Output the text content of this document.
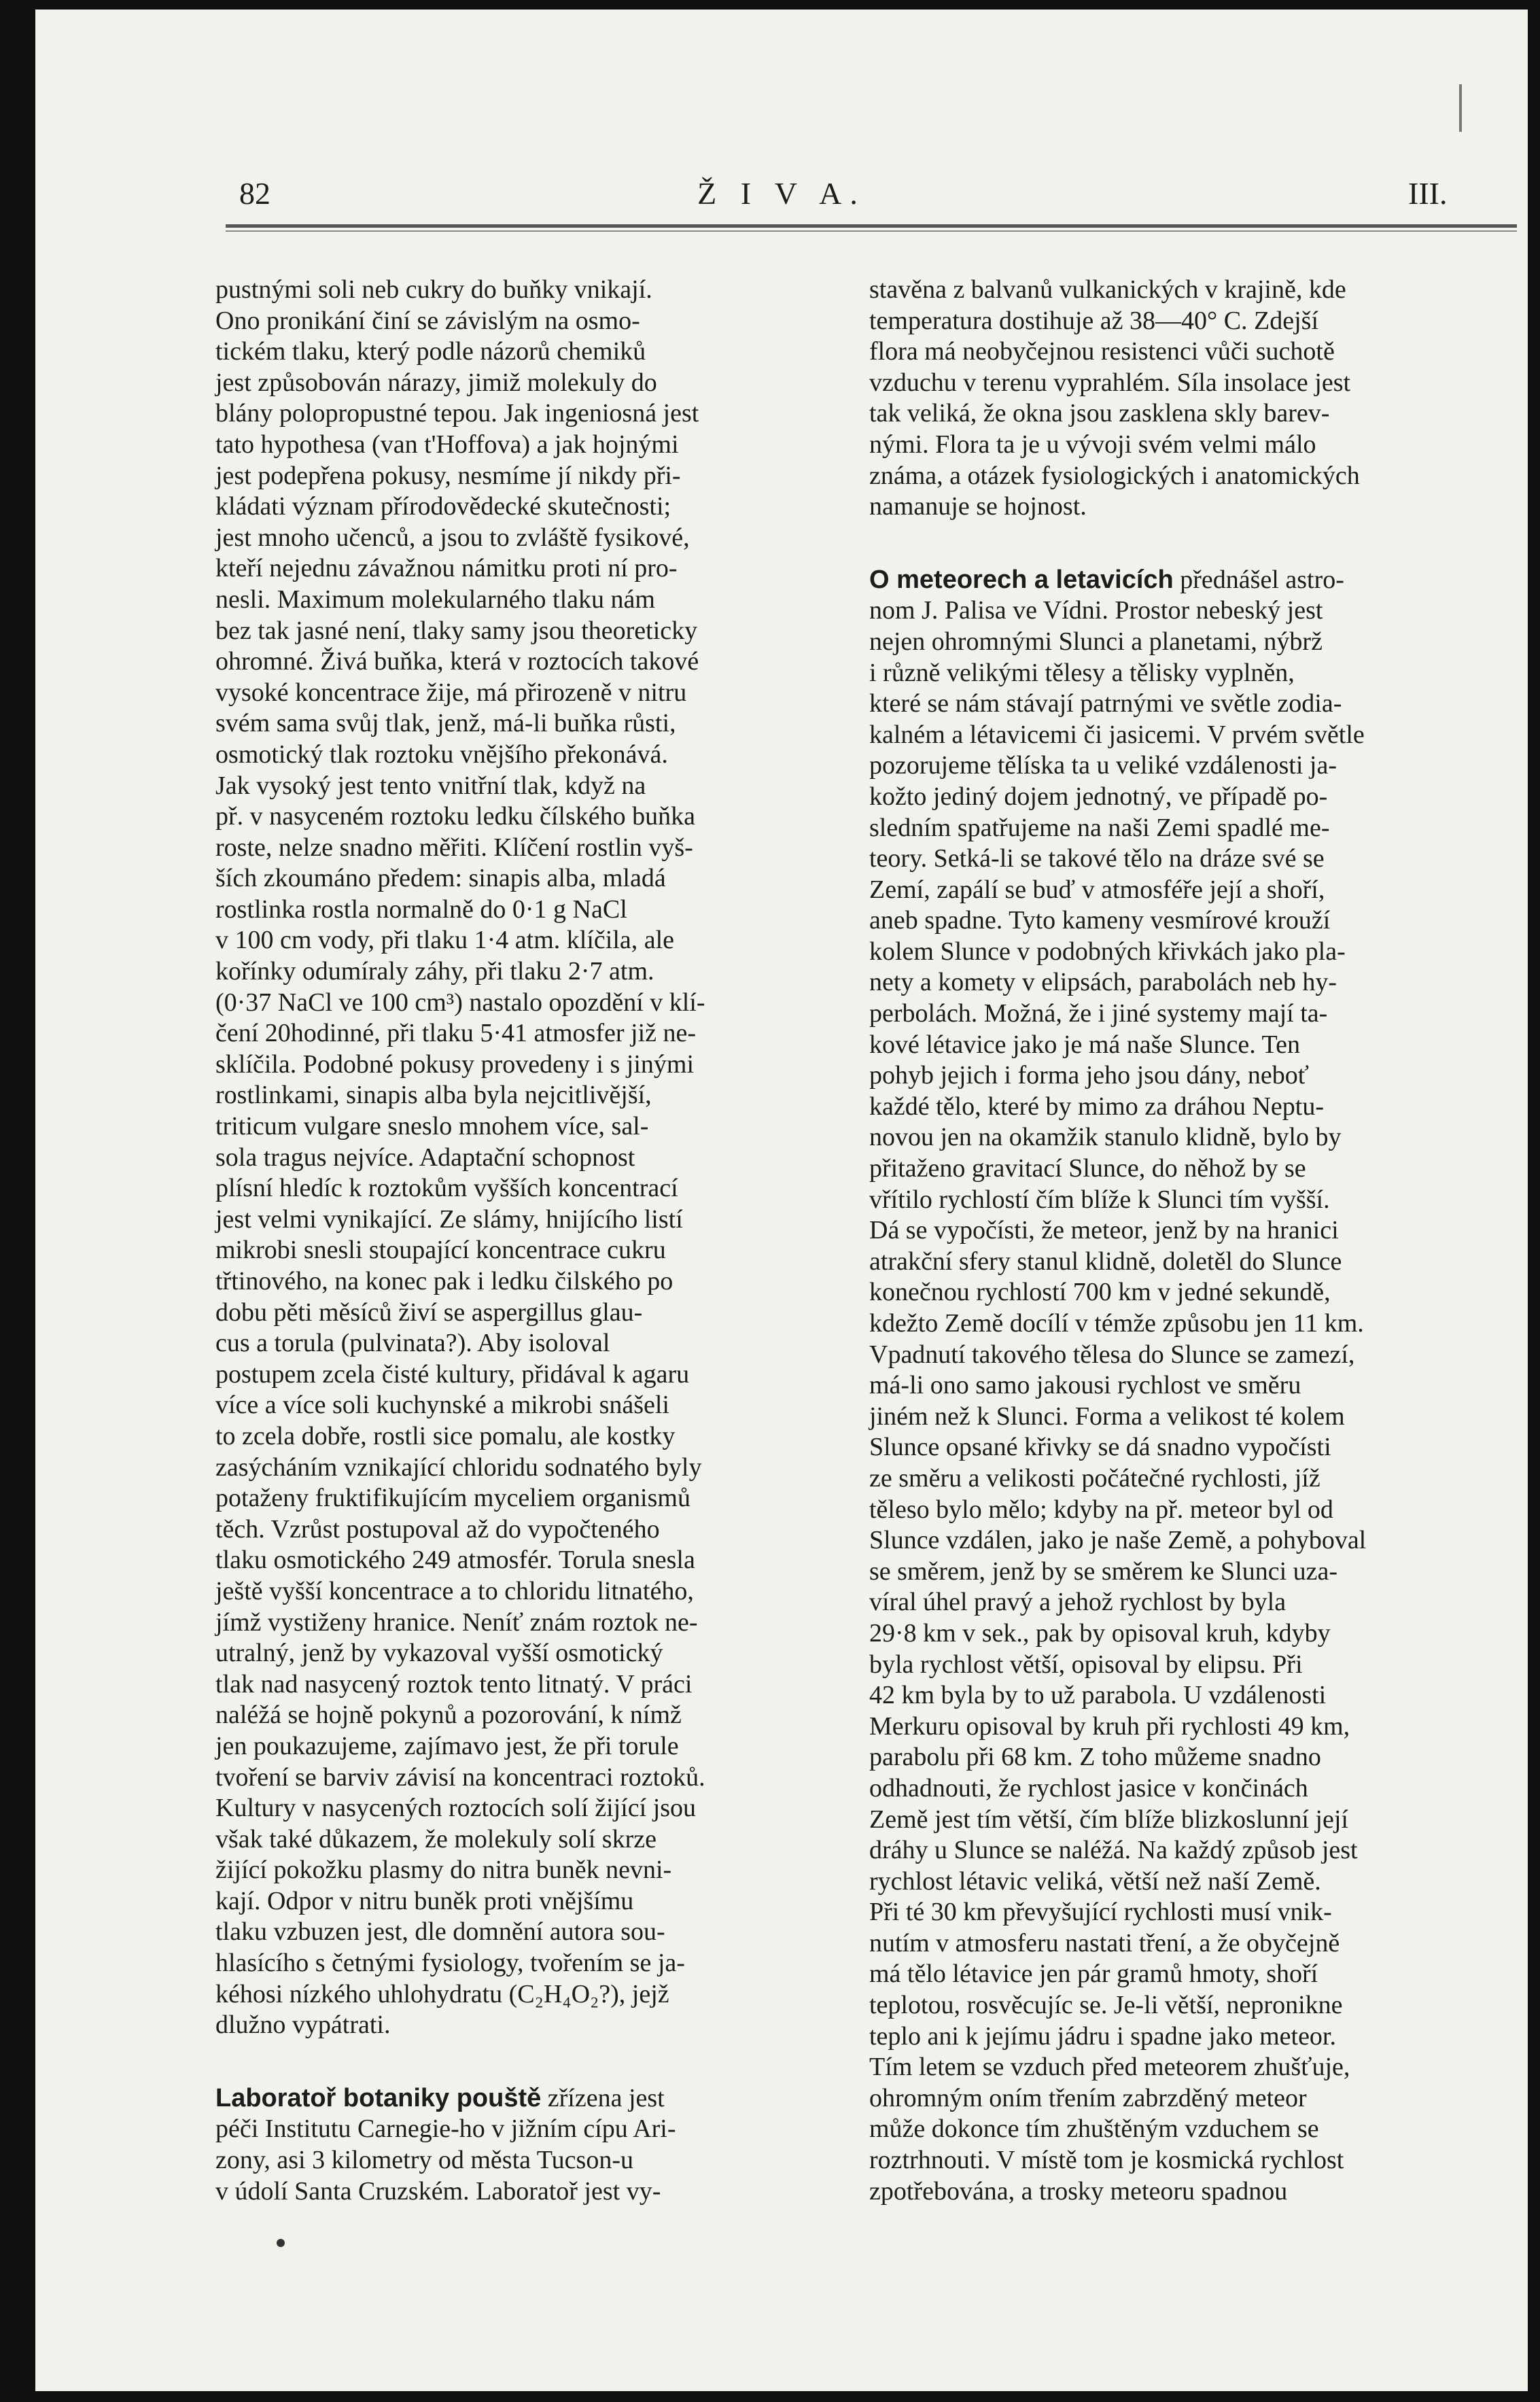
82	Ž I V A.	III.
pustnými soli neb cukry do buňky vnikají.
Ono pronikání činí se závislým na osmo-
tickém tlaku, který podle názorů chemiků
jest způsobován nárazy, jimiž molekuly do
blány polopropustné tepou. Jak ingeniosná jest
tato hypothesa (van t'Hoffova) a jak hojnými
jest podepřena pokusy, nesmíme jí nikdy při-
kládati význam přírodovědecké skutečnosti;
jest mnoho učenců, a jsou to zvláště fysikové,
kteří nejednu závažnou námitku proti ní pro-
nesli. Maximum molekularného tlaku nám
bez tak jasné není, tlaky samy jsou theoreticky
ohromné. Živá buňka, která v roztocích takové
vysoké koncentrace žije, má přirozeně v nitru
svém sama svůj tlak, jenž, má-li buňka růsti,
osmotický tlak roztoku vnějšího překonává.
Jak vysoký jest tento vnitřní tlak, když na
př. v nasyceném roztoku ledku čílského buňka
roste, nelze snadno měřiti. Klíčení rostlin vyš-
ších zkoumáno předem: sinapis alba, mladá
rostlinka rostla normalně do 0·1 g NaCl
v 100 cm vody, při tlaku 1·4 atm. klíčila, ale
kořínky odumíraly záhy, při tlaku 2·7 atm.
(0·37 NaCl ve 100 cm³) nastalo opozdění v klí-
čení 20hodinné, při tlaku 5·41 atmosfer již ne-
sklíčila. Podobné pokusy provedeny i s jinými
rostlinkami, sinapis alba byla nejcitlivější,
triticum vulgare sneslo mnohem více, sal-
sola tragus nejvíce. Adaptační schopnost
plísní hledíc k roztokům vyšších koncentrací
jest velmi vynikající. Ze slámy, hnijícího listí
mikrobi snesli stoupající koncentrace cukru
třtinového, na konec pak i ledku čilského po
dobu pěti měsíců živí se aspergillus glau-
cus a torula (pulvinata?). Aby isoloval
postupem zcela čisté kultury, přidával k agaru
více a více soli kuchynské a mikrobi snášeli
to zcela dobře, rostli sice pomalu, ale kostky
zasýcháním vznikající chloridu sodnatého byly
potaženy fruktifikujícím myceliem organismů
těch. Vzrůst postupoval až do vypočteného
tlaku osmotického 249 atmosfér. Torula snesla
ještě vyšší koncentrace a to chloridu litnatého,
jímž vystiženy hranice. Neníť znám roztok ne-
utralný, jenž by vykazoval vyšší osmotický
tlak nad nasycený roztok tento litnatý. V práci
naléžá se hojně pokynů a pozorování, k nímž
jen poukazujeme, zajímavo jest, že při torule
tvoření se barviv závisí na koncentraci roztoků.
Kultury v nasycených roztocích solí žijící jsou
však také důkazem, že molekuly solí skrze
žijící pokožku plasmy do nitra buněk nevni-
kají. Odpor v nitru buněk proti vnějšímu
tlaku vzbuzen jest, dle domnění autora sou-
hlasícího s četnými fysiology, tvořením se ja-
kéhosi nízkého uhlohydratu (C₂H₄O₂?), jejž
dlužno vypátrati.
Laboratoř botaniky pouště zřízena jest
péči Institutu Carnegie-ho v jižním cípu Ari-
zony, asi 3 kilometry od města Tucson-u
v údolí Santa Cruzském. Laboratoř jest vy-
stavěna z balvanů vulkanických v krajině, kde
temperatura dostihuje až 38—40° C. Zdejší
flora má neobyčejnou resistenci vůči suchotě
vzduchu v terenu vyprahlém. Síla insolace jest
tak veliká, že okna jsou zasklena skly barev-
nými. Flora ta je u vývoji svém velmi málo
známa, a otázek fysiologických i anatomických
namanuje se hojnost.
O meteorech a letavicích přednášel astro-
nom J. Palisa ve Vídni. Prostor nebeský jest
nejen ohromnými Slunci a planetami, nýbrž
i různě velikými tělesy a tělisky vyplněn,
které se nám stávají patrnými ve světle zodia-
kalném a létavicemi či jasicemi. V prvém světle
pozorujeme tělíska ta u veliké vzdálenosti ja-
kožto jediný dojem jednotný, ve případě po-
sledním spatřujeme na naši Zemi spadlé me-
teory. Setká-li se takové tělo na dráze své se
Zemí, zapálí se buď v atmosféře její a shoří,
aneb spadne. Tyto kameny vesmírové krouží
kolem Slunce v podobných křivkách jako pla-
nety a komety v elipsách, parabolách neb hy-
perbolách. Možná, že i jiné systemy mají ta-
kové létavice jako je má naše Slunce. Ten
pohyb jejich i forma jeho jsou dány, neboť
každé tělo, které by mimo za dráhou Neptu-
novou jen na okamžik stanulo klidně, bylo by
přitaženo gravitací Slunce, do něhož by se
vřítilo rychlostí čím blíže k Slunci tím vyšší.
Dá se vypočísti, že meteor, jenž by na hranici
atrakční sfery stanul klidně, doletěl do Slunce
konečnou rychlostí 700 km v jedné sekundě,
kdežto Země docílí v témže způsobu jen 11 km.
Vpadnutí takového tělesa do Slunce se zamezí,
má-li ono samo jakousi rychlost ve směru
jiném než k Slunci. Forma a velikost té kolem
Slunce opsané křivky se dá snadno vypočísti
ze směru a velikosti počátečné rychlosti, jíž
těleso bylo mělo; kdyby na př. meteor byl od
Slunce vzdálen, jako je naše Země, a pohyboval
se směrem, jenž by se směrem ke Slunci uza-
víral úhel pravý a jehož rychlost by byla
29·8 km v sek., pak by opisoval kruh, kdyby
byla rychlost větší, opisoval by elipsu. Při
42 km byla by to už parabola. U vzdálenosti
Merkuru opisoval by kruh při rychlosti 49 km,
parabolu při 68 km. Z toho můžeme snadno
odhadnouti, že rychlost jasice v končinách
Země jest tím větší, čím blíže blizkoslunní její
dráhy u Slunce se naléžá. Na každý způsob jest
rychlost létavic veliká, větší než naší Země.
Při té 30 km převyšující rychlosti musí vnik-
nutím v atmosferu nastati tření, a že obyčejně
má tělo létavice jen pár gramů hmoty, shoří
teplotou, rosvěcujíc se. Je-li větší, nepronikne
teplo ani k jejímu jádru i spadne jako meteor.
Tím letem se vzduch před meteorem zhušťuje,
ohromným oním třením zabrzděný meteor
může dokonce tím zhuštěným vzduchem se
roztrhnouti. V místě tom je kosmická rychlost
zpotřebována, a trosky meteoru spadnou
